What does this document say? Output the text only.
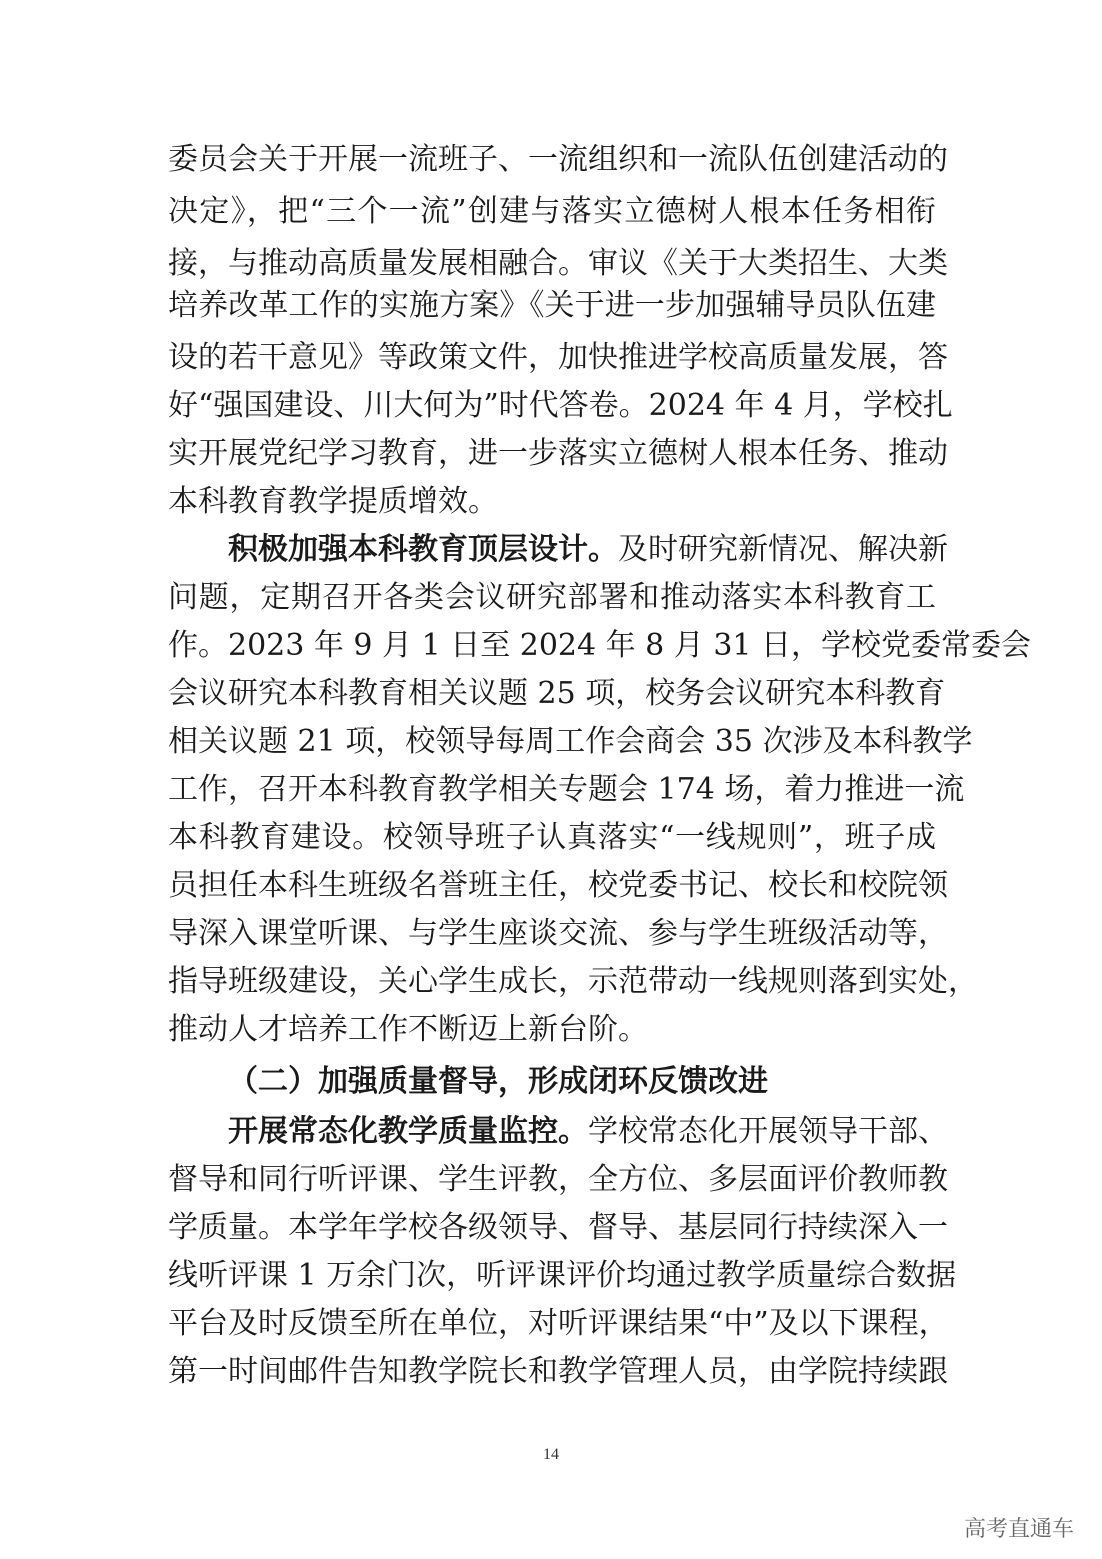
委员会关于开展一流班子、一流组织和一流队伍创建活动的
决定》，把“三个一流”创建与落实立德树人根本任务相衔
接，与推动高质量发展相融合。审议《关于大类招生、大类
培养改革工作的实施方案》《关于进一步加强辅导员队伍建
设的若干意见》等政策文件，加快推进学校高质量发展，答
好“强国建设、川大何为”时代答卷。2024 年 4 月，学校扎
实开展党纪学习教育，进一步落实立德树人根本任务、推动
本科教育教学提质增效。
积极加强本科教育顶层设计。及时研究新情况、解决新
问题，定期召开各类会议研究部署和推动落实本科教育工
作。2023 年 9 月 1 日至 2024 年 8 月 31 日，学校党委常委会
会议研究本科教育相关议题 25 项，校务会议研究本科教育
相关议题 21 项，校领导每周工作会商会 35 次涉及本科教学
工作，召开本科教育教学相关专题会 174 场，着力推进一流
本科教育建设。校领导班子认真落实“一线规则”，班子成
员担任本科生班级名誉班主任，校党委书记、校长和校院领
导深入课堂听课、与学生座谈交流、参与学生班级活动等，
指导班级建设，关心学生成长，示范带动一线规则落到实处，
推动人才培养工作不断迈上新台阶。
（二）加强质量督导，形成闭环反馈改进
开展常态化教学质量监控。学校常态化开展领导干部、
督导和同行听评课、学生评教，全方位、多层面评价教师教
学质量。本学年学校各级领导、督导、基层同行持续深入一
线听评课 1 万余门次，听评课评价均通过教学质量综合数据
平台及时反馈至所在单位，对听评课结果“中”及以下课程，
第一时间邮件告知教学院长和教学管理人员，由学院持续跟
14
高考直通车
